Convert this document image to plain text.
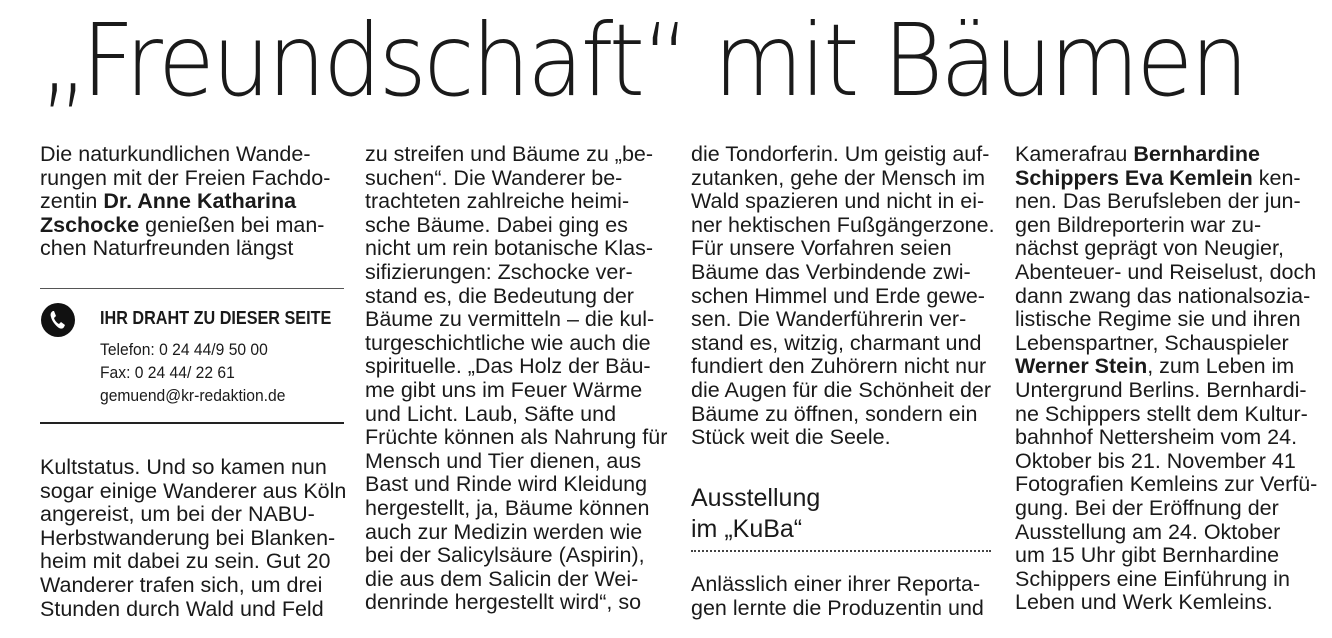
„Freundschaft“ mit Bäumen
Die naturkundlichen Wande-
rungen mit der Freien Fachdo-
zentin Dr. Anne Katharina
Zschocke genießen bei man-
chen Naturfreunden längst
IHR DRAHT ZU DIESER SEITE
Telefon: 0 24 44/9 50 00
Fax: 0 24 44/ 22 61
gemuend@kr-redaktion.de
Kultstatus. Und so kamen nun
sogar einige Wanderer aus Köln
angereist, um bei der NABU-
Herbstwanderung bei Blanken-
heim mit dabei zu sein. Gut 20
Wanderer trafen sich, um drei
Stunden durch Wald und Feld
zu streifen und Bäume zu „be-
suchen“. Die Wanderer be-
trachteten zahlreiche heimi-
sche Bäume. Dabei ging es
nicht um rein botanische Klas-
sifizierungen: Zschocke ver-
stand es, die Bedeutung der
Bäume zu vermitteln – die kul-
turgeschichtliche wie auch die
spirituelle. „Das Holz der Bäu-
me gibt uns im Feuer Wärme
und Licht. Laub, Säfte und
Früchte können als Nahrung für
Mensch und Tier dienen, aus
Bast und Rinde wird Kleidung
hergestellt, ja, Bäume können
auch zur Medizin werden wie
bei der Salicylsäure (Aspirin),
die aus dem Salicin der Wei-
denrinde hergestellt wird“, so
die Tondorferin. Um geistig auf-
zutanken, gehe der Mensch im
Wald spazieren und nicht in ei-
ner hektischen Fußgängerzone.
Für unsere Vorfahren seien
Bäume das Verbindende zwi-
schen Himmel und Erde gewe-
sen. Die Wanderführerin ver-
stand es, witzig, charmant und
fundiert den Zuhörern nicht nur
die Augen für die Schönheit der
Bäume zu öffnen, sondern ein
Stück weit die Seele.
Ausstellung
im „KuBa“
Anlässlich einer ihrer Reporta-
gen lernte die Produzentin und
Kamerafrau Bernhardine
Schippers Eva Kemlein ken-
nen. Das Berufsleben der jun-
gen Bildreporterin war zu-
nächst geprägt von Neugier,
Abenteuer- und Reiselust, doch
dann zwang das nationalsozia-
listische Regime sie und ihren
Lebenspartner, Schauspieler
Werner Stein, zum Leben im
Untergrund Berlins. Bernhardi-
ne Schippers stellt dem Kultur-
bahnhof Nettersheim vom 24.
Oktober bis 21. November 41
Fotografien Kemleins zur Verfü-
gung. Bei der Eröffnung der
Ausstellung am 24. Oktober
um 15 Uhr gibt Bernhardine
Schippers eine Einführung in
Leben und Werk Kemleins.
